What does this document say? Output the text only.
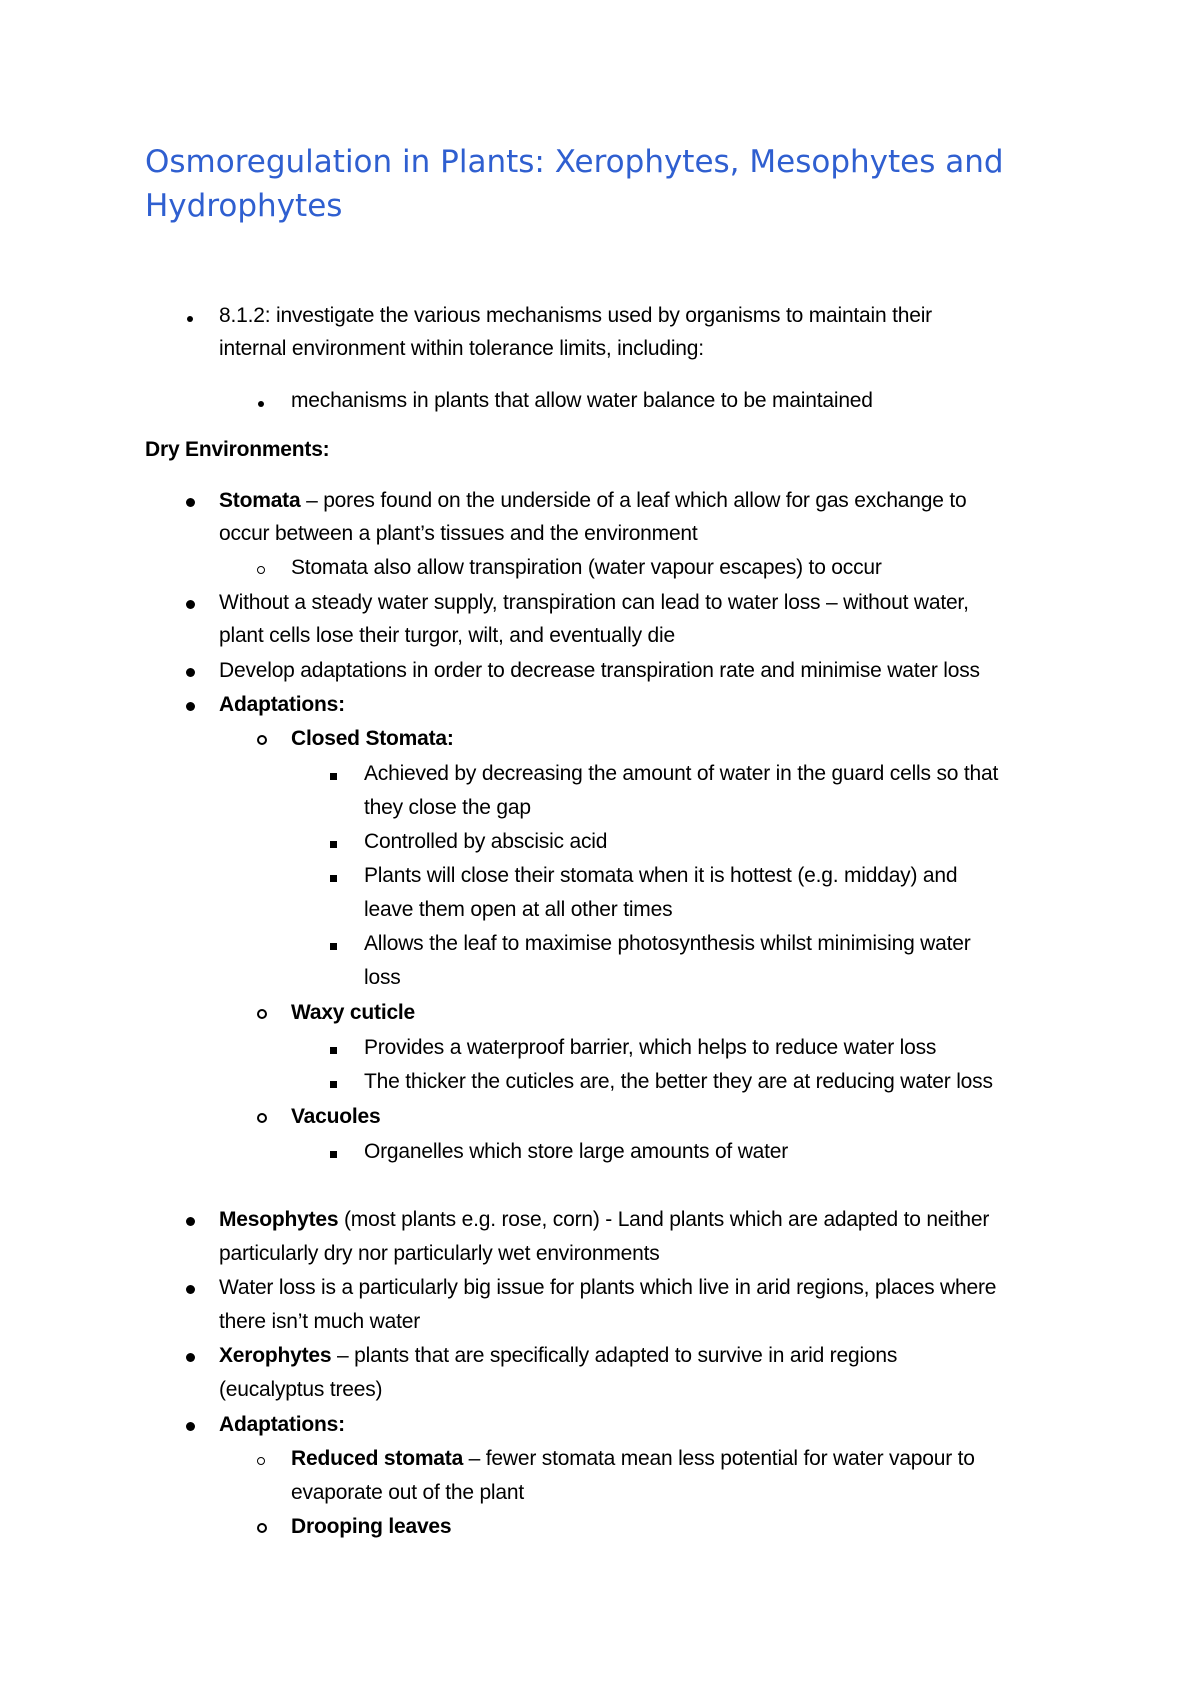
Osmoregulation in Plants: Xerophytes, Mesophytes and Hydrophytes
8.1.2: investigate the various mechanisms used by organisms to maintain their
internal environment within tolerance limits, including:
mechanisms in plants that allow water balance to be maintained
Dry Environments:
Stomata – pores found on the underside of a leaf which allow for gas exchange to
occur between a plant’s tissues and the environment
Stomata also allow transpiration (water vapour escapes) to occur
Without a steady water supply, transpiration can lead to water loss – without water,
plant cells lose their turgor, wilt, and eventually die
Develop adaptations in order to decrease transpiration rate and minimise water loss
Adaptations:
Closed Stomata:
Achieved by decreasing the amount of water in the guard cells so that
they close the gap
Controlled by abscisic acid
Plants will close their stomata when it is hottest (e.g. midday) and
leave them open at all other times
Allows the leaf to maximise photosynthesis whilst minimising water
loss
Waxy cuticle
Provides a waterproof barrier, which helps to reduce water loss
The thicker the cuticles are, the better they are at reducing water loss
Vacuoles
Organelles which store large amounts of water
Mesophytes (most plants e.g. rose, corn) - Land plants which are adapted to neither
particularly dry nor particularly wet environments
Water loss is a particularly big issue for plants which live in arid regions, places where
there isn’t much water
Xerophytes – plants that are specifically adapted to survive in arid regions
(eucalyptus trees)
Adaptations:
Reduced stomata – fewer stomata mean less potential for water vapour to
evaporate out of the plant
Drooping leaves
